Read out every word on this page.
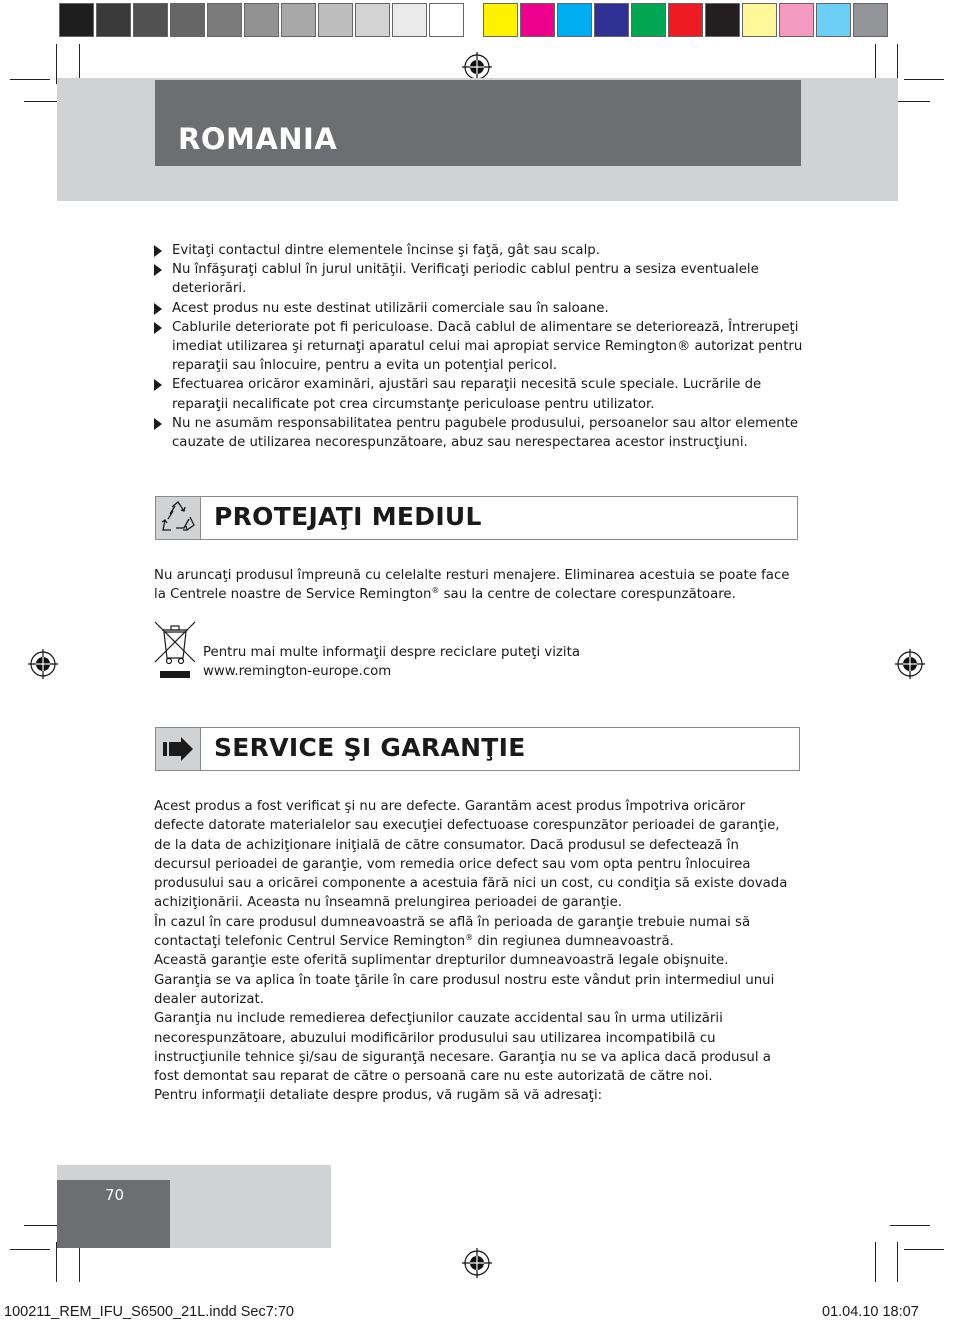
ROMANIA
Evitaţi contactul dintre elementele încinse şi faţă, gât sau scalp.
Nu înfăşuraţi cablul în jurul unităţii. Verificaţi periodic cablul pentru a sesiza eventualele deteriorări.
Acest produs nu este destinat utilizării comerciale sau în saloane.
Cablurile deteriorate pot fi periculoase. Dacă cablul de alimentare se deteriorează, Întrerupeţi imediat utilizarea şi returnaţi aparatul celui mai apropiat service Remington® autorizat pentru reparaţii sau înlocuire, pentru a evita un potenţial pericol.
Efectuarea oricăror examinări, ajustări sau reparaţii necesită scule speciale. Lucrările de reparaţii necalificate pot crea circumstanţe periculoase pentru utilizator.
Nu ne asumăm responsabilitatea pentru pagubele produsului, persoanelor sau altor elemente cauzate de utilizarea necorespunzătoare, abuz sau nerespectarea acestor instrucţiuni.
PROTEJAŢI MEDIUL

Nu aruncaţi produsul împreună cu celelalte resturi menajere. Eliminarea acestuia se poate face la Centrele noastre de Service Remington® sau la centre de colectare corespunzătoare.

Pentru mai multe informaţii despre reciclare puteţi vizita
www.remington-europe.com

SERVICE ŞI GARANŢIE
Acest produs a fost verificat şi nu are defecte. Garantăm acest produs împotriva oricăror defecte datorate materialelor sau execuţiei defectuoase corespunzător perioadei de garanţie, de la data de achiziţionare iniţială de către consumator. Dacă produsul se defectează în decursul perioadei de garanţie, vom remedia orice defect sau vom opta pentru înlocuirea produsului sau a oricărei componente a acestuia fără nici un cost, cu condiţia să existe dovada achiziţionării. Aceasta nu înseamnă prelungirea perioadei de garanţie.
În cazul în care produsul dumneavoastră se află în perioada de garanţie trebuie numai să contactaţi telefonic Centrul Service Remington® din regiunea dumneavoastră.
Această garanţie este oferită suplimentar drepturilor dumneavoastră legale obişnuite.
Garanţia se va aplica în toate ţările în care produsul nostru este vândut prin intermediul unui dealer autorizat.
Garanţia nu include remedierea defecţiunilor cauzate accidental sau în urma utilizării necorespunzătoare, abuzului modificărilor produsului sau utilizarea incompatibilă cu instrucţiunile tehnice şi/sau de siguranţă necesare. Garanţia nu se va aplica dacă produsul a fost demontat sau reparat de către o persoană care nu este autorizată de către noi.
Pentru informaţii detaliate despre produs, vă rugăm să vă adresaţi:
70
100211_REM_IFU_S6500_21L.indd Sec7:70	01.04.10 18:07
